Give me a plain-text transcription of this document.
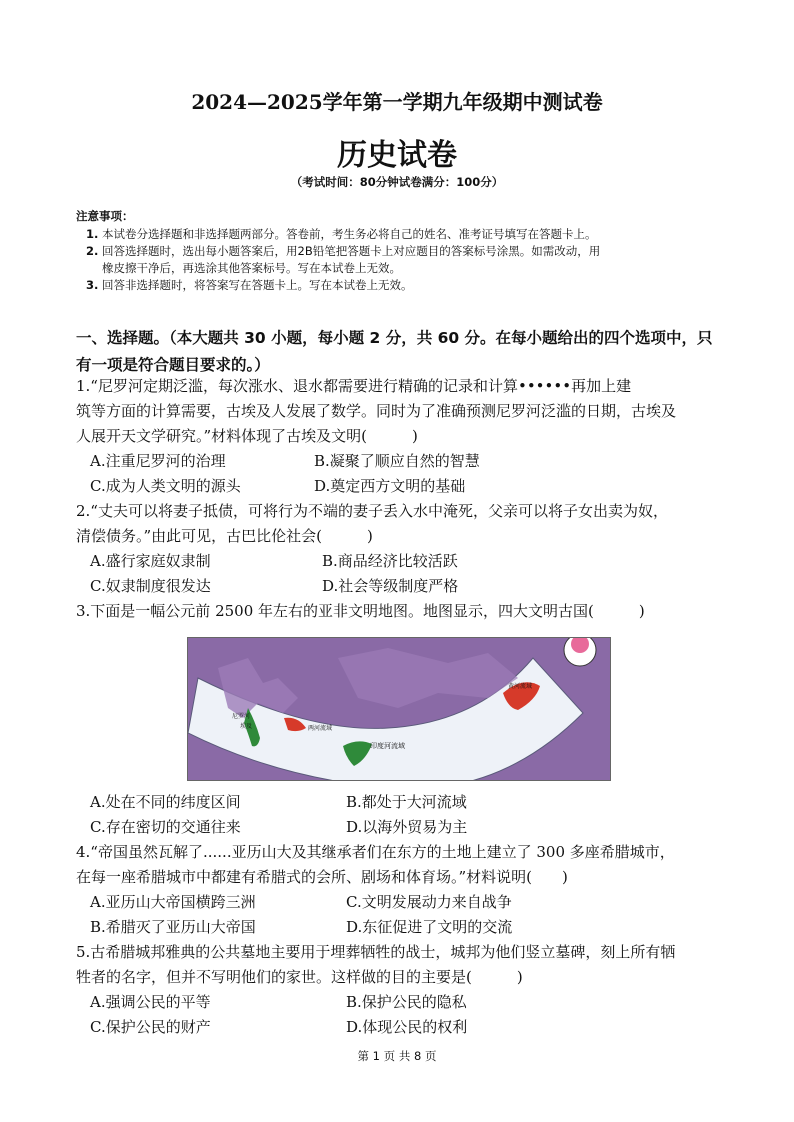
2024—2025学年第一学期九年级期中测试卷
历史试卷
（考试时间：80分钟试卷满分：100分）
注意事项：
1. 本试卷分选择题和非选择题两部分。答卷前，考生务必将自己的姓名、准考证号填写在答题卡上。
2. 回答选择题时，选出每小题答案后，用2B铅笔把答题卡上对应题目的答案标号涂黑。如需改动，用
橡皮擦干净后，再选涂其他答案标号。写在本试卷上无效。
3. 回答非选择题时，将答案写在答题卡上。写在本试卷上无效。
一、选择题。（本大题共 30 小题，每小题 2 分，共 60 分。在每小题给出的四个选项中，只
有一项是符合题目要求的。）
1.“尼罗河定期泛滥，每次涨水、退水都需要进行精确的记录和计算••••••再加上建
筑等方面的计算需要，古埃及人发展了数学。同时为了准确预测尼罗河泛滥的日期，古埃及
人展开天文学研究。”材料体现了古埃及文明(　　　)
A.注重尼罗河的治理	B.凝聚了顺应自然的智慧
C.成为人类文明的源头	D.奠定西方文明的基础
2.“丈夫可以将妻子抵债，可将行为不端的妻子丢入水中淹死，父亲可以将子女出卖为奴，
清偿债务。”由此可见，古巴比伦社会(　　　)
A.盛行家庭奴隶制	B.商品经济比较活跃
C.奴隶制度很发达	D.社会等级制度严格
3.下面是一幅公元前 2500 年左右的亚非文明地图。地图显示，四大文明古国(　　　)
尼罗河
埃及	两河流域
印度河流域
黄河流域
A.处在不同的纬度区间	B.都处于大河流域
C.存在密切的交通往来	D.以海外贸易为主
4.“帝国虽然瓦解了......亚历山大及其继承者们在东方的土地上建立了 300 多座希腊城市，
在每一座希腊城市中都建有希腊式的会所、剧场和体育场。”材料说明(　　)
A.亚历山大帝国横跨三洲	C.文明发展动力来自战争
B.希腊灭了亚历山大帝国	D.东征促进了文明的交流
5.古希腊城邦雅典的公共墓地主要用于埋葬牺牲的战士，城邦为他们竖立墓碑，刻上所有牺
牲者的名字，但并不写明他们的家世。这样做的目的主要是(　　　)
A.强调公民的平等	B.保护公民的隐私
C.保护公民的财产	D.体现公民的权利
第 1 页 共 8 页
